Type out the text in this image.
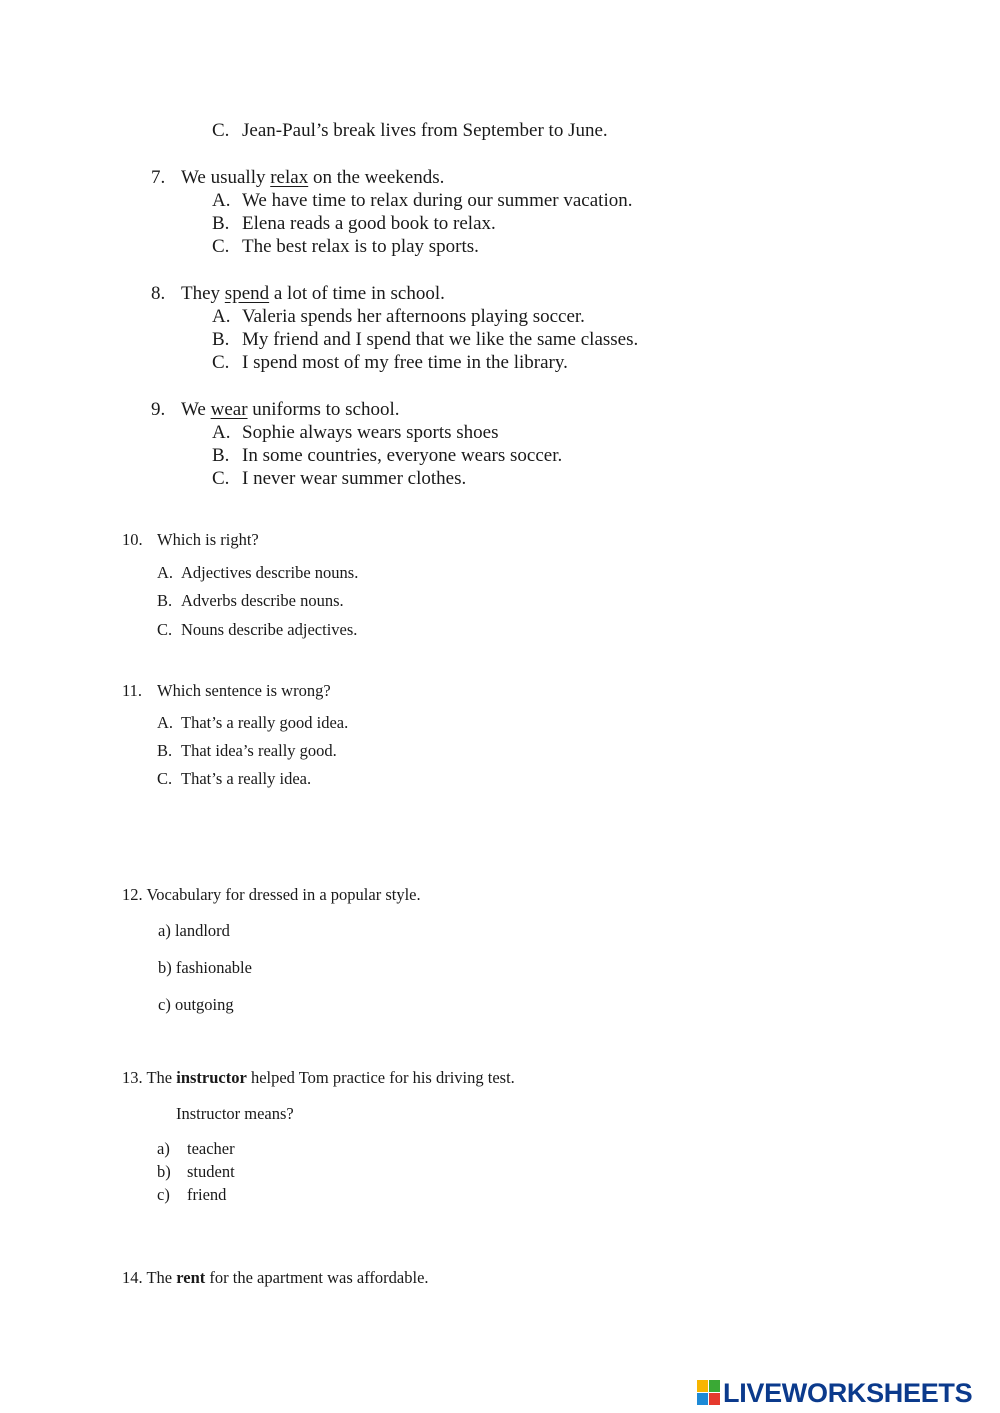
C. Jean-Paul’s break lives from September to June.
7. We usually relax on the weekends.
A. We have time to relax during our summer vacation.
B. Elena reads a good book to relax.
C. The best relax is to play sports.
8. They spend a lot of time in school.
A. Valeria spends her afternoons playing soccer.
B. My friend and I spend that we like the same classes.
C. I spend most of my free time in the library.
9. We wear uniforms to school.
A. Sophie always wears sports shoes
B. In some countries, everyone wears soccer.
C. I never wear summer clothes.
10. Which is right?
A. Adjectives describe nouns.
B. Adverbs describe nouns.
C. Nouns describe adjectives.
11. Which sentence is wrong?
A. That’s a really good idea.
B. That idea’s really good.
C. That’s a really idea.
12. Vocabulary for dressed in a popular style.
a) landlord
b) fashionable
c) outgoing
13. The instructor helped Tom practice for his driving test.
Instructor means?
a) teacher
b) student
c) friend
14. The rent for the apartment was affordable.
LIVEWORKSHEETS
